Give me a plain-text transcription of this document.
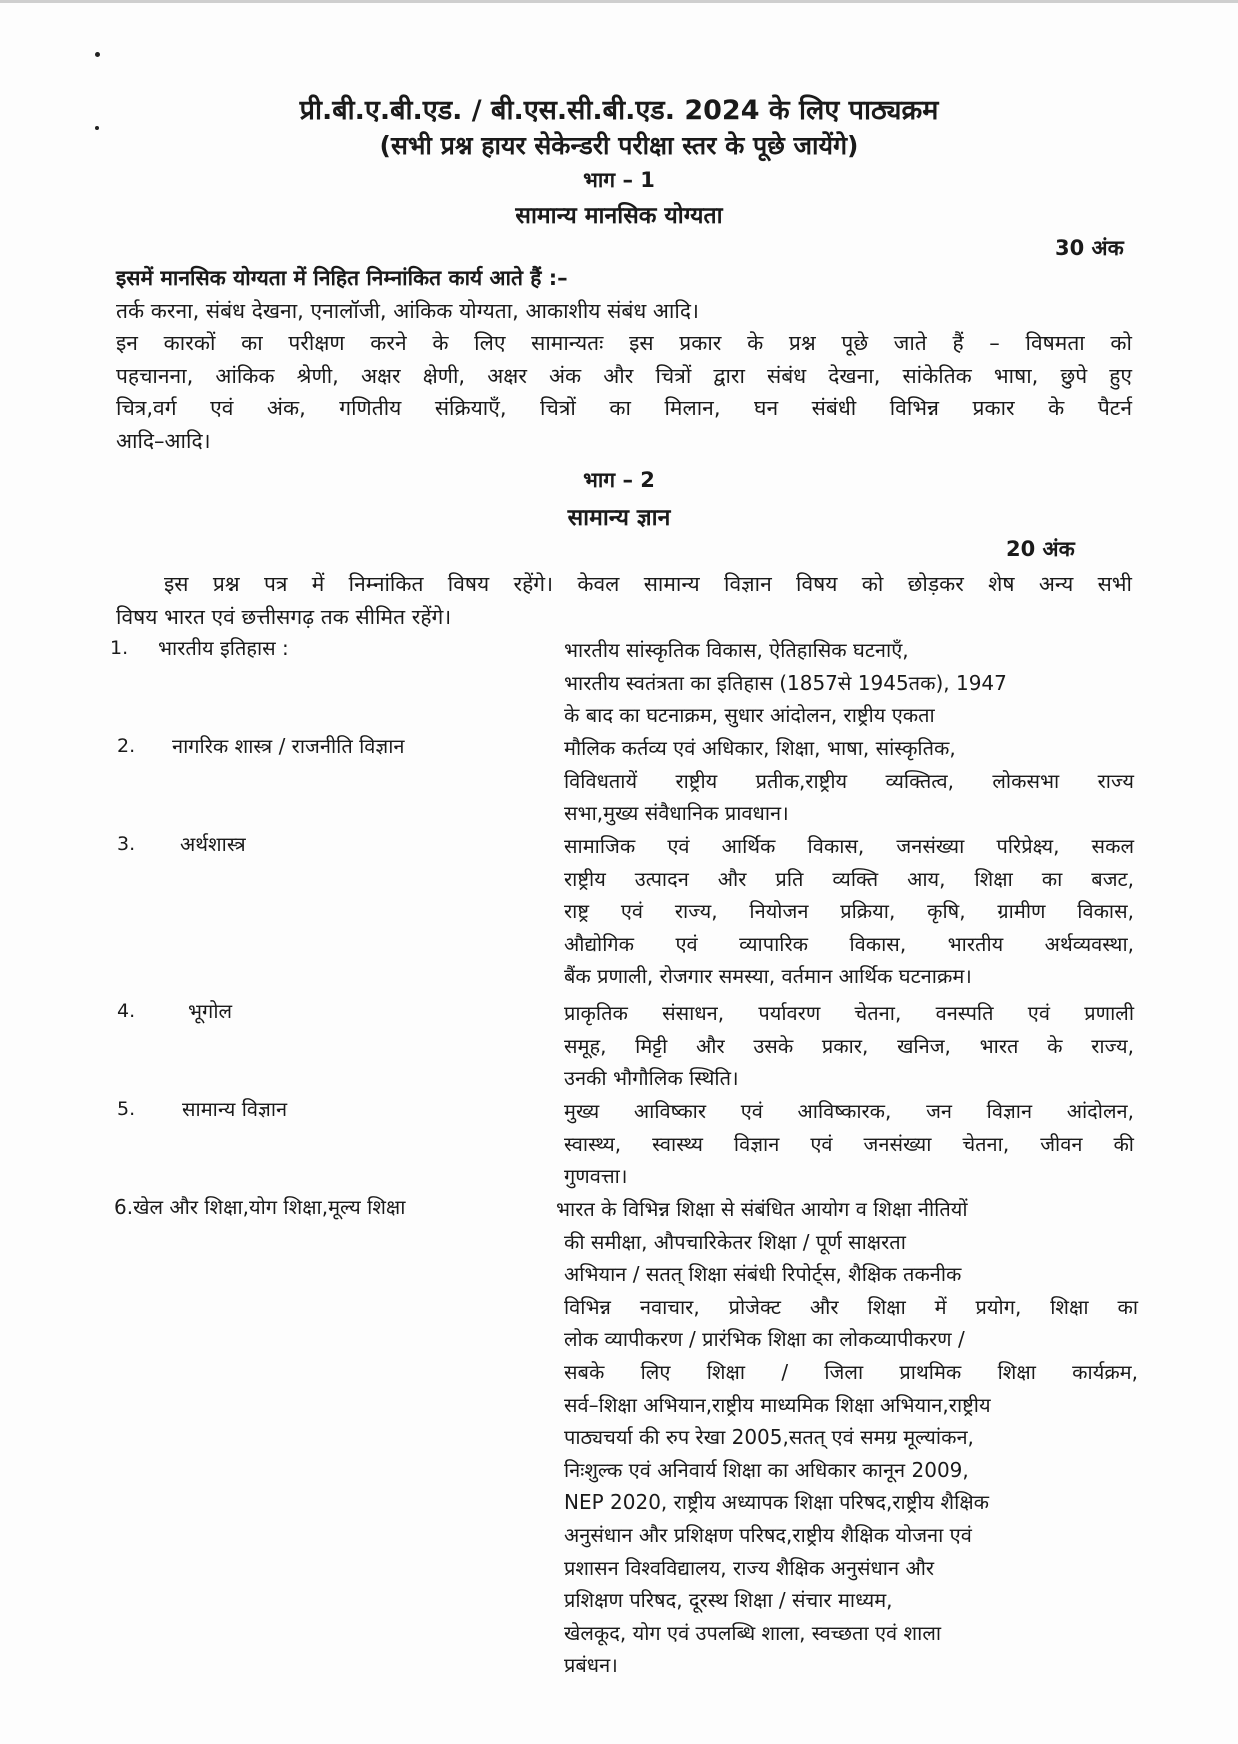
प्री.बी.ए.बी.एड. / बी.एस.सी.बी.एड. 2024 के लिए पाठ्यक्रम
(सभी प्रश्न हायर सेकेन्डरी परीक्षा स्तर के पूछे जायेंगे)
भाग – 1
सामान्य मानसिक योग्यता
30 अंक
इसमें मानसिक योग्यता में निहित निम्नांकित कार्य आते हैं :–
तर्क करना, संबंध देखना, एनालॉजी, आंकिक योग्यता, आकाशीय संबंध आदि।
इन कारकों का परीक्षण करने के लिए सामान्यतः इस प्रकार के प्रश्न पूछे जाते हैं – विषमता को
पहचानना, आंकिक श्रेणी, अक्षर क्षेणी, अक्षर अंक और चित्रों द्वारा संबंध देखना, सांकेतिक भाषा, छुपे हुए
चित्र,वर्ग एवं अंक, गणितीय संक्रियाएँ, चित्रों का मिलान, घन संबंधी विभिन्न प्रकार के पैटर्न
आदि–आदि।
भाग – 2
सामान्य ज्ञान
20 अंक
इस प्रश्न पत्र में निम्नांकित विषय रहेंगे। केवल सामान्य विज्ञान विषय को छोड़कर शेष अन्य सभी
विषय भारत एवं छत्तीसगढ़ तक सीमित रहेंगे।
1. भारतीय इतिहास :	भारतीय सांस्कृतिक विकास, ऐतिहासिक घटनाएँ,
भारतीय स्वतंत्रता का इतिहास (1857से 1945तक), 1947
के बाद का घटनाक्रम, सुधार आंदोलन, राष्ट्रीय एकता
2. नागरिक शास्त्र / राजनीति विज्ञान	मौलिक कर्तव्य एवं अधिकार, शिक्षा, भाषा, सांस्कृतिक,
विविधतायें राष्ट्रीय प्रतीक,राष्ट्रीय व्यक्तित्व, लोकसभा राज्य
सभा,मुख्य संवैधानिक प्रावधान।
3. अर्थशास्त्र	सामाजिक एवं आर्थिक विकास, जनसंख्या परिप्रेक्ष्य, सकल
राष्ट्रीय उत्पादन और प्रति व्यक्ति आय, शिक्षा का बजट,
राष्ट्र एवं राज्य, नियोजन प्रक्रिया, कृषि, ग्रामीण विकास,
औद्योगिक एवं व्यापारिक विकास, भारतीय अर्थव्यवस्था,
बैंक प्रणाली, रोजगार समस्या, वर्तमान आर्थिक घटनाक्रम।
4.	भूगोल	प्राकृतिक संसाधन, पर्यावरण चेतना, वनस्पति एवं प्रणाली
समूह, मिट्टी और उसके प्रकार, खनिज, भारत के राज्य,
उनकी भौगौलिक स्थिति।
5. सामान्य विज्ञान	मुख्य आविष्कार एवं आविष्कारक, जन विज्ञान आंदोलन,
स्वास्थ्य, स्वास्थ्य विज्ञान एवं जनसंख्या चेतना, जीवन की
गुणवत्ता।
6.खेल और शिक्षा,योग शिक्षा,मूल्य शिक्षा	भारत के विभिन्न शिक्षा से संबंधित आयोग व शिक्षा नीतियों
की समीक्षा, औपचारिकेतर शिक्षा / पूर्ण साक्षरता
अभियान / सतत् शिक्षा संबंधी रिपोर्ट्स, शैक्षिक तकनीक
विभिन्न नवाचार, प्रोजेक्ट और शिक्षा में प्रयोग, शिक्षा का
लोक व्यापीकरण / प्रारंभिक शिक्षा का लोकव्यापीकरण /
सबके लिए शिक्षा / जिला प्राथमिक शिक्षा कार्यक्रम,
सर्व–शिक्षा अभियान,राष्ट्रीय माध्यमिक शिक्षा अभियान,राष्ट्रीय
पाठ्यचर्या की रुप रेखा 2005,सतत् एवं समग्र मूल्यांकन,
निःशुल्क एवं अनिवार्य शिक्षा का अधिकार कानून 2009,
NEP 2020, राष्ट्रीय अध्यापक शिक्षा परिषद,राष्ट्रीय शैक्षिक
अनुसंधान और प्रशिक्षण परिषद,राष्ट्रीय शैक्षिक योजना एवं
प्रशासन विश्वविद्यालय, राज्य शैक्षिक अनुसंधान और
प्रशिक्षण परिषद, दूरस्थ शिक्षा / संचार माध्यम,
खेलकूद, योग एवं उपलब्धि शाला, स्वच्छता एवं शाला
प्रबंधन।
